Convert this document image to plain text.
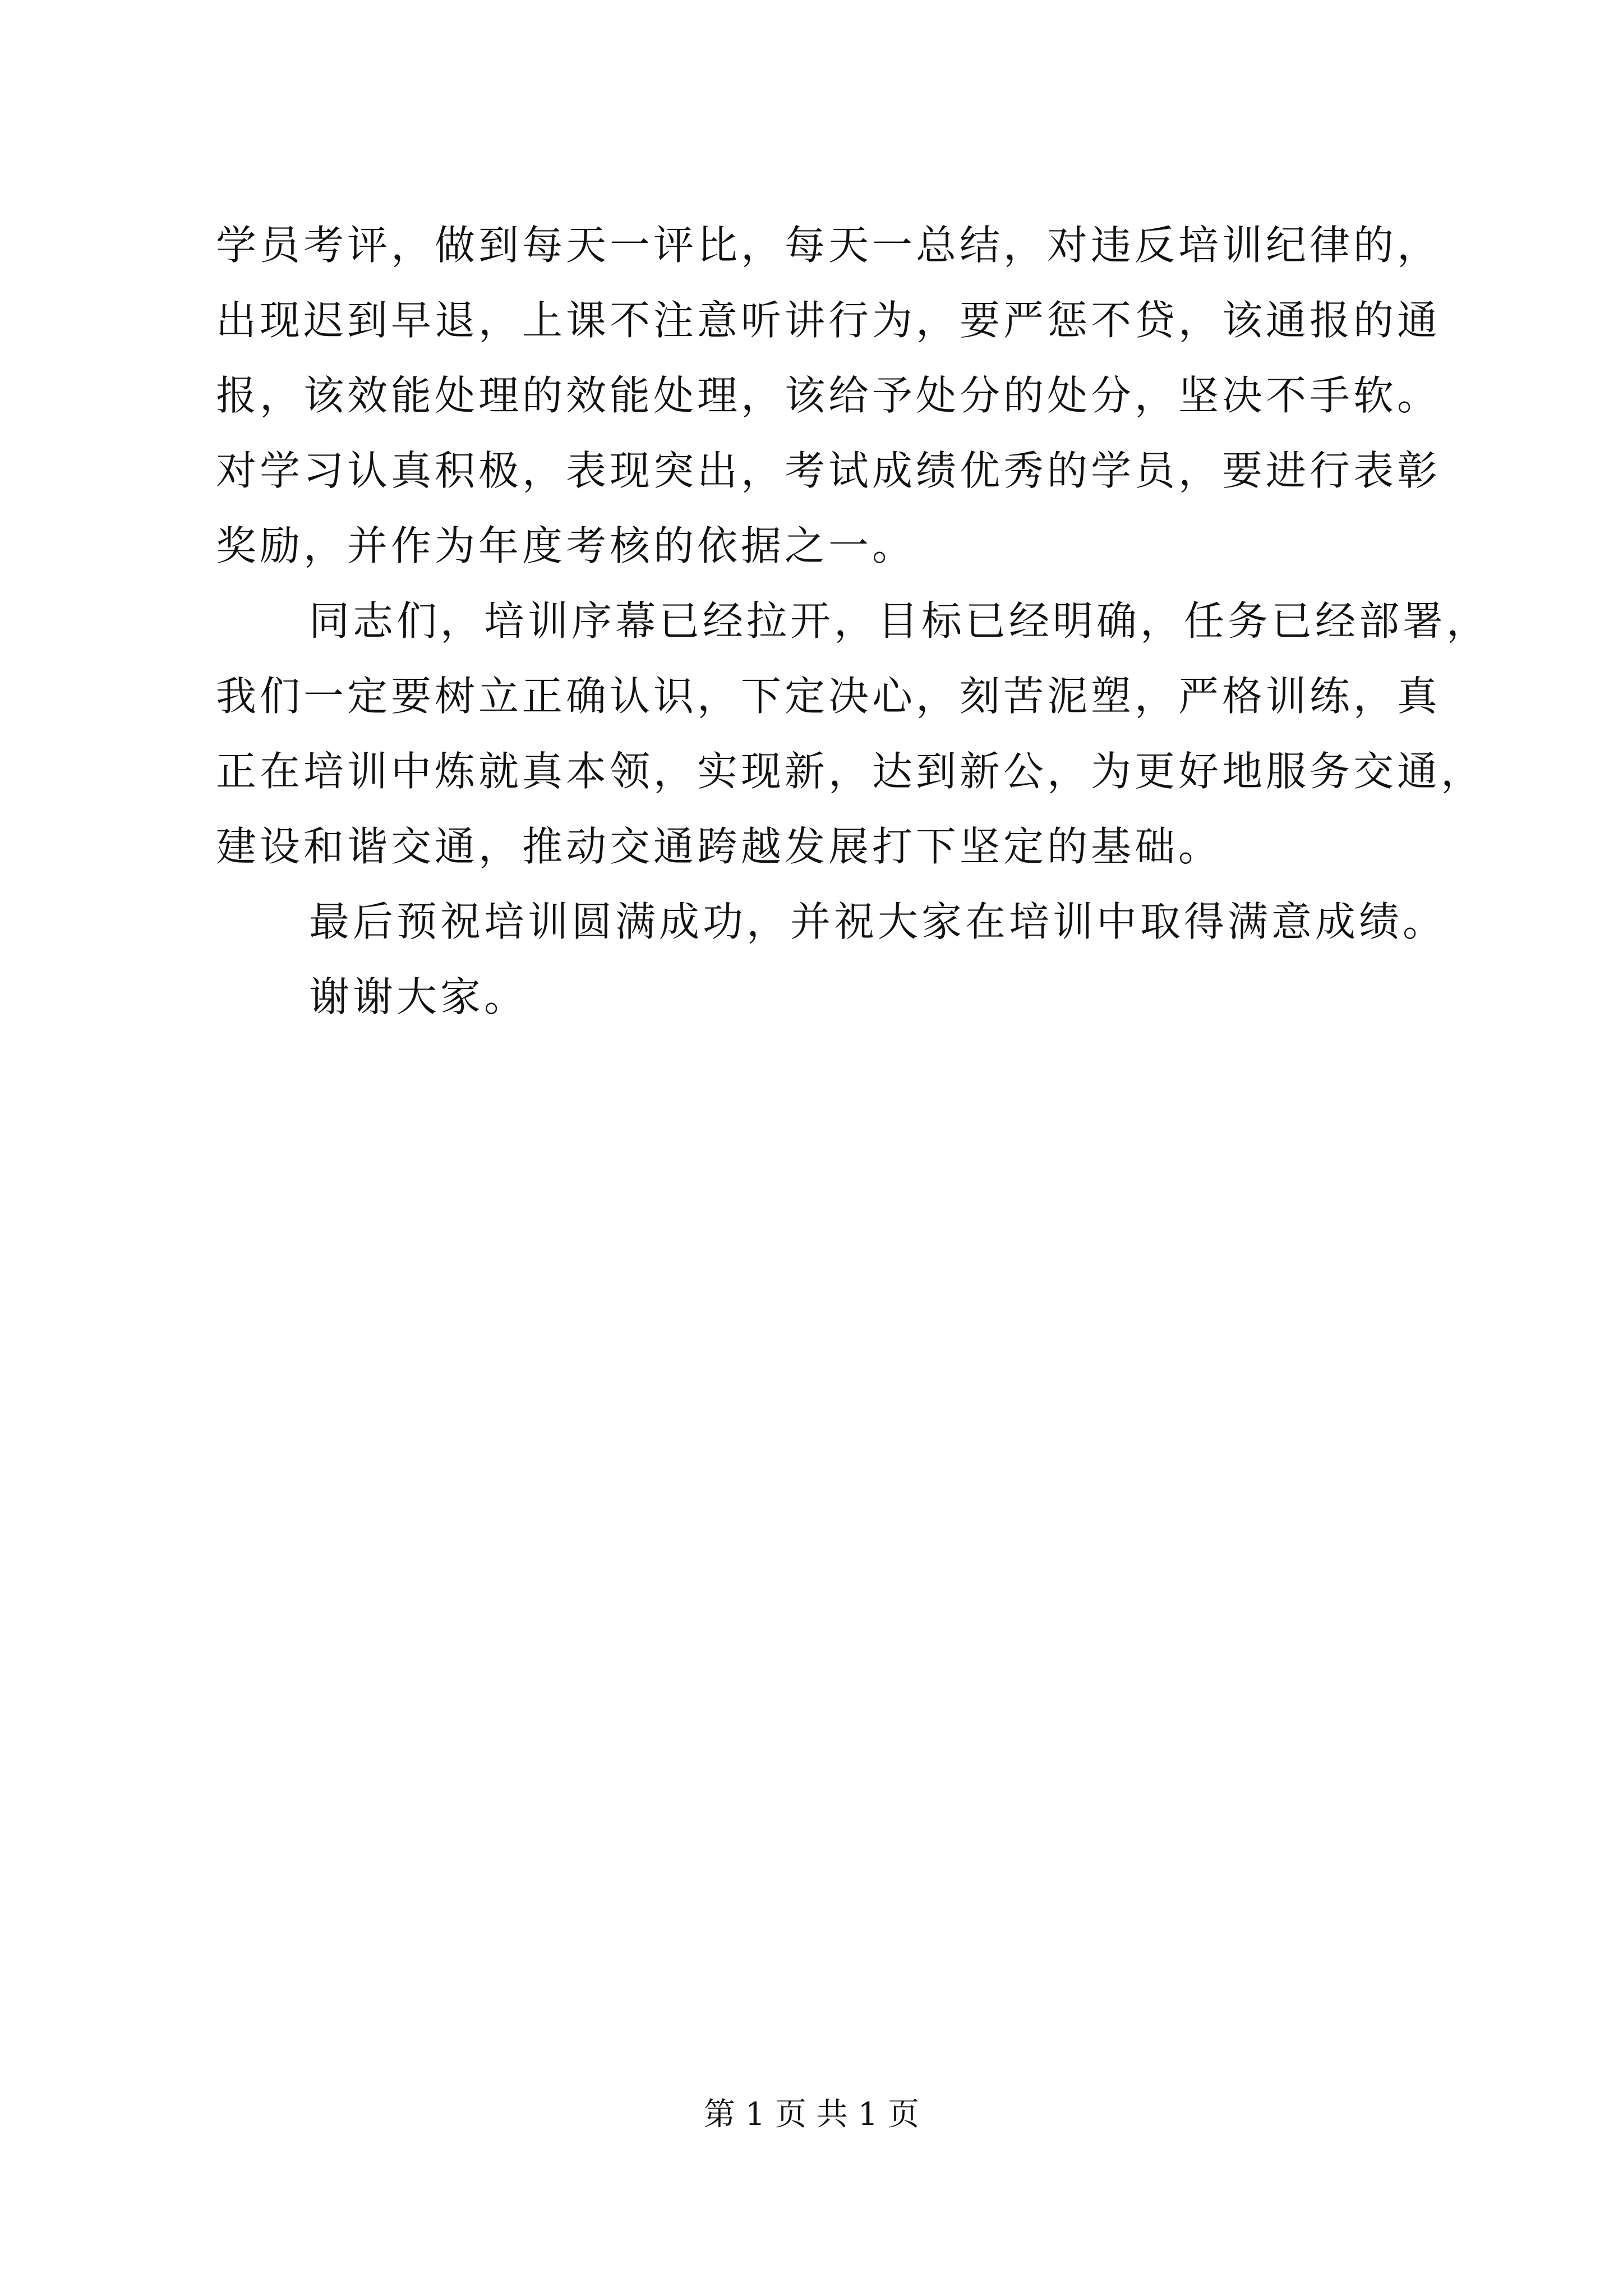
学员考评，做到每天一评比，每天一总结，对违反培训纪律的，
出现迟到早退，上课不注意听讲行为，要严惩不贷，该通报的通
报，该效能处理的效能处理，该给予处分的处分，坚决不手软。
对学习认真积极，表现突出，考试成绩优秀的学员，要进行表彰
奖励，并作为年度考核的依据之一。
同志们，培训序幕已经拉开，目标已经明确，任务已经部署，
我们一定要树立正确认识，下定决心，刻苦泥塑，严格训练，真
正在培训中炼就真本领，实现新，达到新公，为更好地服务交通，
建设和谐交通，推动交通跨越发展打下坚定的基础。
最后预祝培训圆满成功，并祝大家在培训中取得满意成绩。
谢谢大家。
第 1 页 共 1 页
